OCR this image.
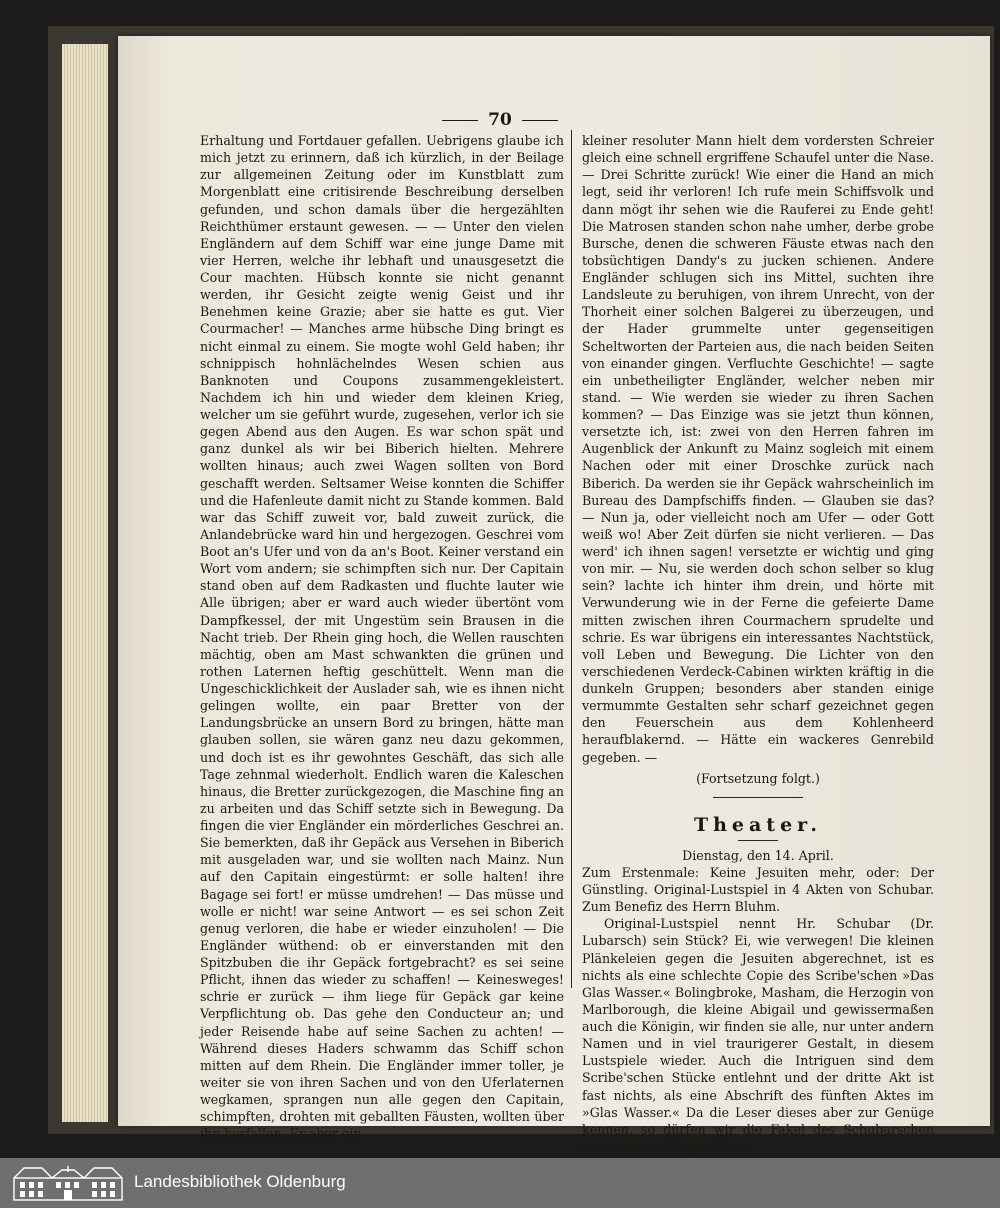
70

Erhaltung und Fortdauer gefallen. Uebrigens glaube ich mich jetzt zu erinnern, daß ich kürzlich, in der Beilage zur allgemeinen Zeitung oder im Kunstblatt zum Morgenblatt eine critisirende Beschreibung derselben gefunden, und schon damals über die hergezählten Reichthümer erstaunt gewesen. — — Unter den vielen Engländern auf dem Schiff war eine junge Dame mit vier Herren, welche ihr lebhaft und unausgesetzt die Cour machten. Hübsch konnte sie nicht genannt werden, ihr Gesicht zeigte wenig Geist und ihr Benehmen keine Grazie; aber sie hatte es gut. Vier Courmacher! — Manches arme hübsche Ding bringt es nicht einmal zu einem. Sie mogte wohl Geld haben; ihr schnippisch hohnlächelndes Wesen schien aus Banknoten und Coupons zusammengekleistert. Nachdem ich hin und wieder dem kleinen Krieg, welcher um sie geführt wurde, zugesehen, verlor ich sie gegen Abend aus den Augen. Es war schon spät und ganz dunkel als wir bei Biberich hielten. Mehrere wollten hinaus; auch zwei Wagen sollten von Bord geschafft werden. Seltsamer Weise konnten die Schiffer und die Hafenleute damit nicht zu Stande kommen. Bald war das Schiff zuweit vor, bald zuweit zurück, die Anlandebrücke ward hin und hergezogen. Geschrei vom Boot an's Ufer und von da an's Boot. Keiner verstand ein Wort vom andern; sie schimpften sich nur. Der Capitain stand oben auf dem Radkasten und fluchte lauter wie Alle übrigen; aber er ward auch wieder übertönt vom Dampfkessel, der mit Ungestüm sein Brausen in die Nacht trieb. Der Rhein ging hoch, die Wellen rauschten mächtig, oben am Mast schwankten die grünen und rothen Laternen heftig geschüttelt. Wenn man die Ungeschicklichkeit der Auslader sah, wie es ihnen nicht gelingen wollte, ein paar Bretter von der Landungsbrücke an unsern Bord zu bringen, hätte man glauben sollen, sie wären ganz neu dazu gekommen, und doch ist es ihr gewohntes Geschäft, das sich alle Tage zehnmal wiederholt. Endlich waren die Kaleschen hinaus, die Bretter zurückgezogen, die Maschine fing an zu arbeiten und das Schiff setzte sich in Bewegung. Da fingen die vier Engländer ein mörderliches Geschrei an. Sie bemerkten, daß ihr Gepäck aus Versehen in Biberich mit ausgeladen war, und sie wollten nach Mainz. Nun auf den Capitain eingestürmt: er solle halten! ihre Bagage sei fort! er müsse umdrehen! — Das müsse und wolle er nicht! war seine Antwort — es sei schon Zeit genug verloren, die habe er wieder einzuholen! — Die Engländer wüthend: ob er einverstanden mit den Spitzbuben die ihr Gepäck fortgebracht? es sei seine Pflicht, ihnen das wieder zu schaffen! — Keinesweges! schrie er zurück — ihm liege für Gepäck gar keine Verpflichtung ob. Das gehe den Conducteur an; und jeder Reisende habe auf seine Sachen zu achten! — Während dieses Haders schwamm das Schiff schon mitten auf dem Rhein. Die Engländer immer toller, je weiter sie von ihren Sachen und von den Uferlaternen wegkamen, sprangen nun alle gegen den Capitain, schimpften, drohten mit geballten Fäusten, wollten über ihn herfallen. Er aber ein

kleiner resoluter Mann hielt dem vordersten Schreier gleich eine schnell ergriffene Schaufel unter die Nase. — Drei Schritte zurück! Wie einer die Hand an mich legt, seid ihr verloren! Ich rufe mein Schiffsvolk und dann mögt ihr sehen wie die Rauferei zu Ende geht! Die Matrosen standen schon nahe umher, derbe grobe Bursche, denen die schweren Fäuste etwas nach den tobsüchtigen Dandy's zu jucken schienen. Andere Engländer schlugen sich ins Mittel, suchten ihre Landsleute zu beruhigen, von ihrem Unrecht, von der Thorheit einer solchen Balgerei zu überzeugen, und der Hader grummelte unter gegenseitigen Scheltworten der Parteien aus, die nach beiden Seiten von einander gingen. Verfluchte Geschichte! — sagte ein unbetheiligter Engländer, welcher neben mir stand. — Wie werden sie wieder zu ihren Sachen kommen? — Das Einzige was sie jetzt thun können, versetzte ich, ist: zwei von den Herren fahren im Augenblick der Ankunft zu Mainz sogleich mit einem Nachen oder mit einer Droschke zurück nach Biberich. Da werden sie ihr Gepäck wahrscheinlich im Bureau des Dampfschiffs finden. — Glauben sie das? — Nun ja, oder vielleicht noch am Ufer — oder Gott weiß wo! Aber Zeit dürfen sie nicht verlieren. — Das werd' ich ihnen sagen! versetzte er wichtig und ging von mir. — Nu, sie werden doch schon selber so klug sein? lachte ich hinter ihm drein, und hörte mit Verwunderung wie in der Ferne die gefeierte Dame mitten zwischen ihren Courmachern sprudelte und schrie. Es war übrigens ein interessantes Nachtstück, voll Leben und Bewegung. Die Lichter von den verschiedenen Verdeck-Cabinen wirkten kräftig in die dunkeln Gruppen; besonders aber standen einige vermummte Gestalten sehr scharf gezeichnet gegen den Feuerschein aus dem Kohlenheerd heraufblakernd. — Hätte ein wackeres Genrebild gegeben. —

(Fortsetzung folgt.)

Theater.

Dienstag, den 14. April.

Zum Erstenmale: Keine Jesuiten mehr, oder: Der Günstling. Original-Lustspiel in 4 Akten von Schubar. Zum Benefiz des Herrn Bluhm.

Original-Lustspiel nennt Hr. Schubar (Dr. Lubarsch) sein Stück? Ei, wie verwegen! Die kleinen Plänkeleien gegen die Jesuiten abgerechnet, ist es nichts als eine schlechte Copie des Scribe'schen »Das Glas Wasser.« Bolingbroke, Masham, die Herzogin von Marlborough, die kleine Abigail und gewissermaßen auch die Königin, wir finden sie alle, nur unter andern Namen und in viel traurigerer Gestalt, in diesem Lustspiele wieder. Auch die Intriguen sind dem Scribe'schen Stücke entlehnt und der dritte Akt ist fast nichts, als eine Abschrift des fünften Aktes im »Glas Wasser.« Da die Leser dieses aber zur Genüge kennen, so dürfen wir die Fakel des Schubarschen sogenannten Original-Lust-

Landesbibliothek Oldenburg
